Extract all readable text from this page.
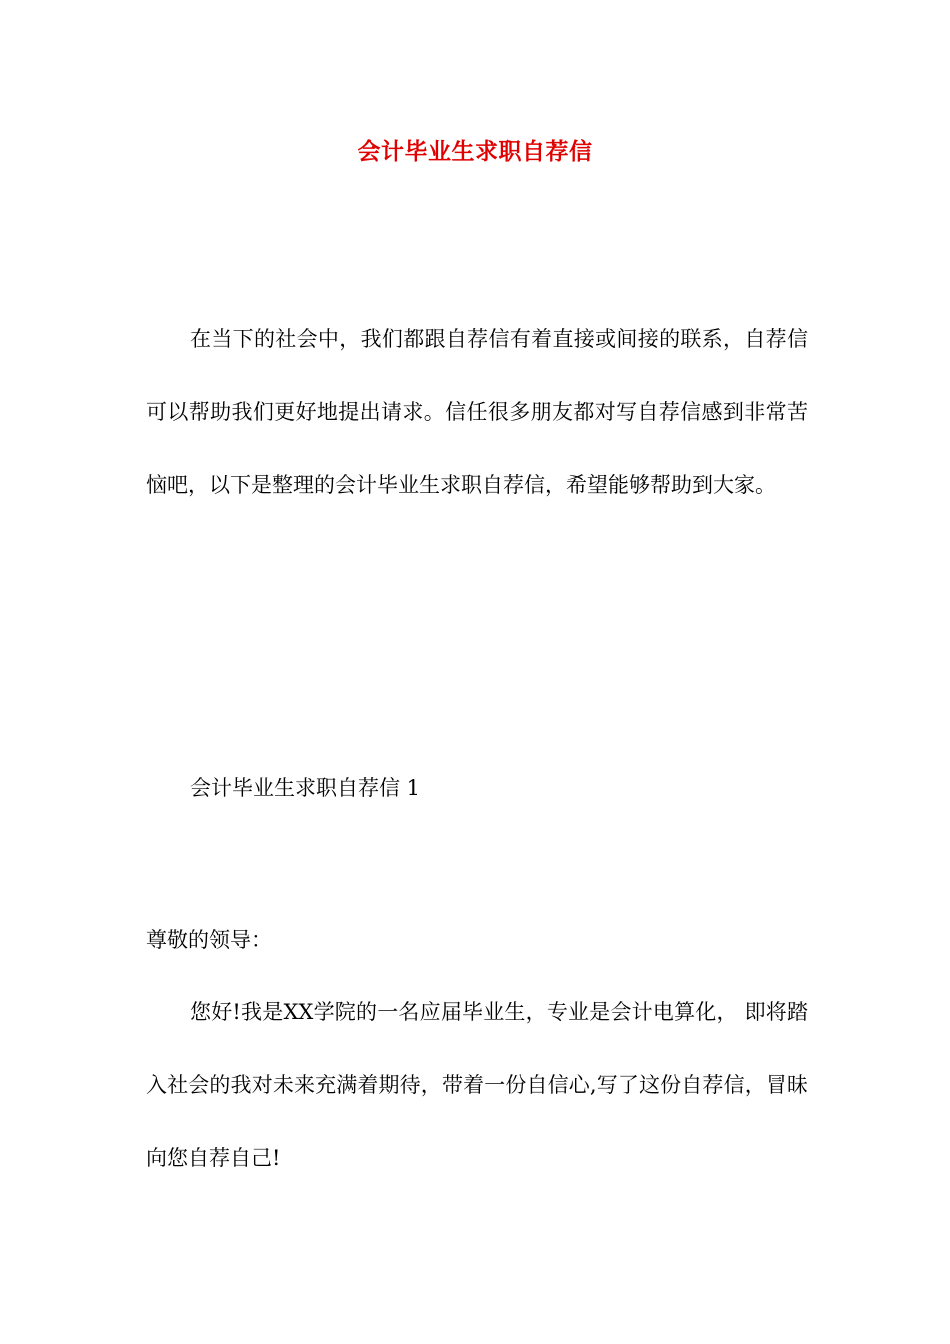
会计毕业生求职自荐信

在当下的社会中，我们都跟自荐信有着直接或间接的联系，自荐信可以帮助我们更好地提出请求。信任很多朋友都对写自荐信感到非常苦恼吧，以下是整理的会计毕业生求职自荐信，希望能够帮助到大家。

会计毕业生求职自荐信 1

尊敬的领导：

您好!我是XX学院的一名应届毕业生，专业是会计电算化， 即将踏入社会的我对未来充满着期待，带着一份自信心,写了这份自荐信，冒昧向您自荐自己!
